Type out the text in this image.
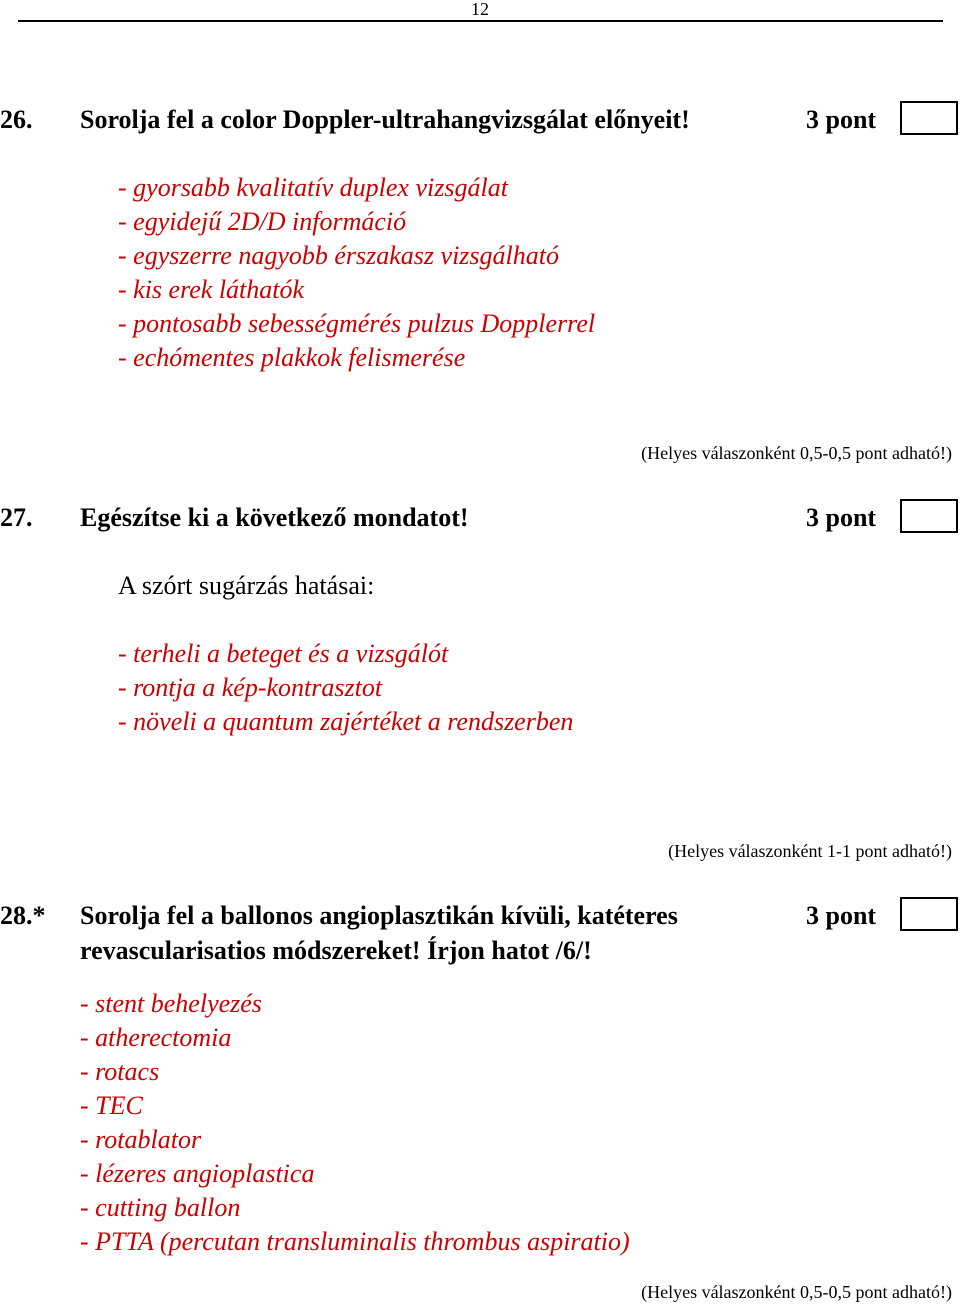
12
26. Sorolja fel a color Doppler-ultrahangvizsgálat előnyeit!	3 pont
- gyorsabb kvalitatív duplex vizsgálat
- egyidejű 2D/D információ
- egyszerre nagyobb érszakasz vizsgálható
- kis erek láthatók
- pontosabb sebességmérés pulzus Dopplerrel
- echómentes plakkok felismerése
(Helyes válaszonként 0,5-0,5 pont adható!)
27. Egészítse ki a következő mondatot!	3 pont
A szórt sugárzás hatásai:
- terheli a beteget és a vizsgálót
- rontja a kép-kontrasztot
- növeli a quantum zajértéket a rendszerben
(Helyes válaszonként 1-1 pont adható!)
28.* Sorolja fel a ballonos angioplasztikán kívüli, katéteres
revascularisatios módszereket! Írjon hatot /6/!
3 pont
- stent behelyezés
- atherectomia
- rotacs
- TEC
- rotablator
- lézeres angioplastica
- cutting ballon
- PTTA (percutan transluminalis thrombus aspiratio)
(Helyes válaszonként 0,5-0,5 pont adható!)
